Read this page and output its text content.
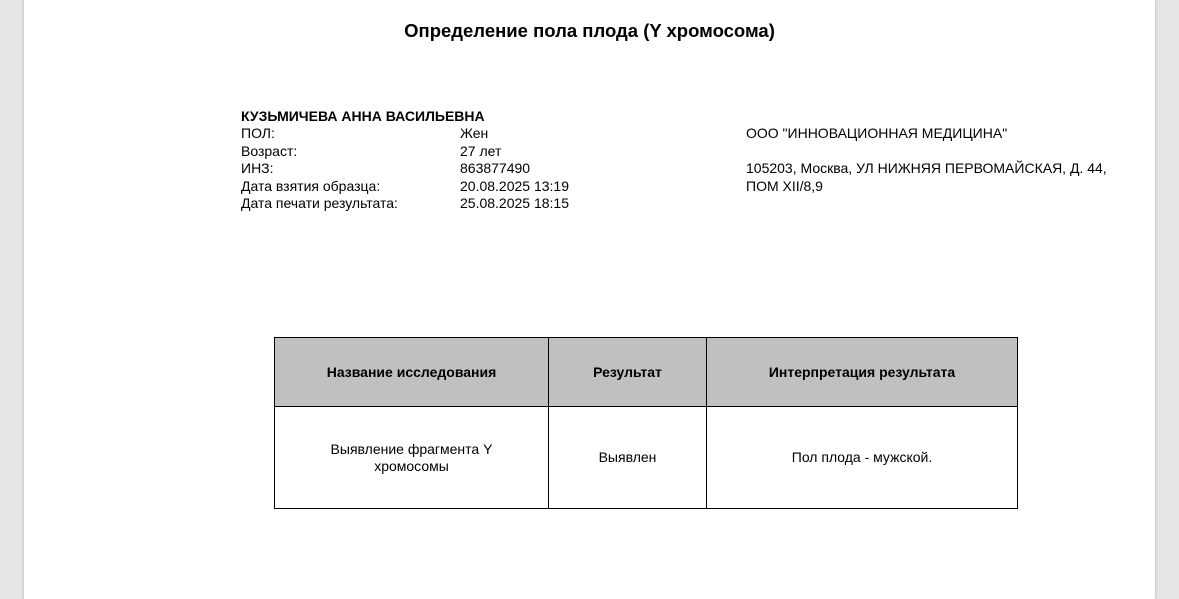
Определение пола плода (Y хромосома)
КУЗЬМИЧЕВА АННА ВАСИЛЬЕВНА
ПОЛ:	Жен
Возраст:	27 лет
ИНЗ:	863877490
Дата взятия образца:	20.08.2025 13:19
Дата печати результата:	25.08.2025 18:15
ООО "ИННОВАЦИОННАЯ МЕДИЦИНА"
105203, Москва, УЛ НИЖНЯЯ ПЕРВОМАЙСКАЯ, Д. 44,
ПОМ XII/8,9
Название исследования	Результат	Интерпретация результата

Выявление фрагмента Y
хромосомы	Выявлен	Пол плода - мужской.
